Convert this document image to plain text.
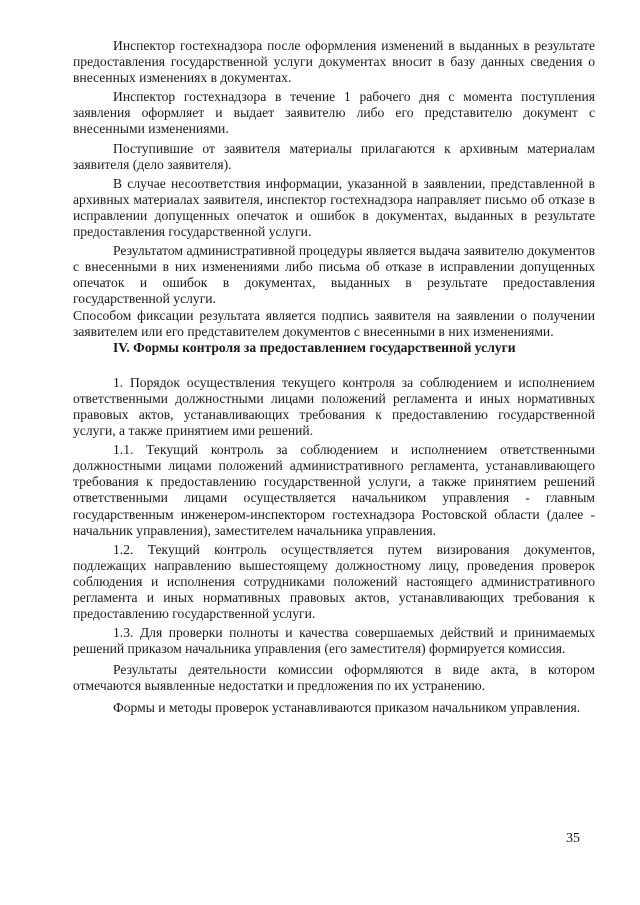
Инспектор гостехнадзора после оформления изменений в выданных в результате предоставления государственной услуги документах вносит в базу данных сведения о внесенных изменениях в документах.

Инспектор гостехнадзора в течение 1 рабочего дня с момента поступления заявления оформляет и выдает заявителю либо его представителю документ с внесенными изменениями.

Поступившие от заявителя материалы прилагаются к архивным материалам заявителя (дело заявителя).

В случае несоответствия информации, указанной в заявлении, представленной в архивных материалах заявителя, инспектор гостехнадзора направляет письмо об отказе в исправлении допущенных опечаток и ошибок в документах, выданных в результате предоставления государственной услуги.

Результатом административной процедуры является выдача заявителю документов с внесенными в них изменениями либо письма об отказе в исправлении допущенных опечаток и ошибок в документах, выданных в результате предоставления государственной услуги.

Способом фиксации результата является подпись заявителя на заявлении о получении заявителем или его представителем документов с внесенными в них изменениями.

IV. Формы контроля за предоставлением государственной услуги

1. Порядок осуществления текущего контроля за соблюдением и исполнением ответственными должностными лицами положений регламента и иных нормативных правовых актов, устанавливающих требования к предоставлению государственной услуги, а также принятием ими решений.

1.1. Текущий контроль за соблюдением и исполнением ответственными должностными лицами положений административного регламента, устанавливающего требования к предоставлению государственной услуги, а также принятием решений ответственными лицами осуществляется начальником управления - главным государственным инженером-инспектором гостехнадзора Ростовской области (далее - начальник управления), заместителем начальника управления.

1.2. Текущий контроль осуществляется путем визирования документов, подлежащих направлению вышестоящему должностному лицу, проведения проверок соблюдения и исполнения сотрудниками положений настоящего административного регламента и иных нормативных правовых актов, устанавливающих требования к предоставлению государственной услуги.

1.3. Для проверки полноты и качества совершаемых действий и принимаемых решений приказом начальника управления (его заместителя) формируется комиссия.

Результаты деятельности комиссии оформляются в виде акта, в котором отмечаются выявленные недостатки и предложения по их устранению.

Формы и методы проверок устанавливаются приказом начальником управления.

35
